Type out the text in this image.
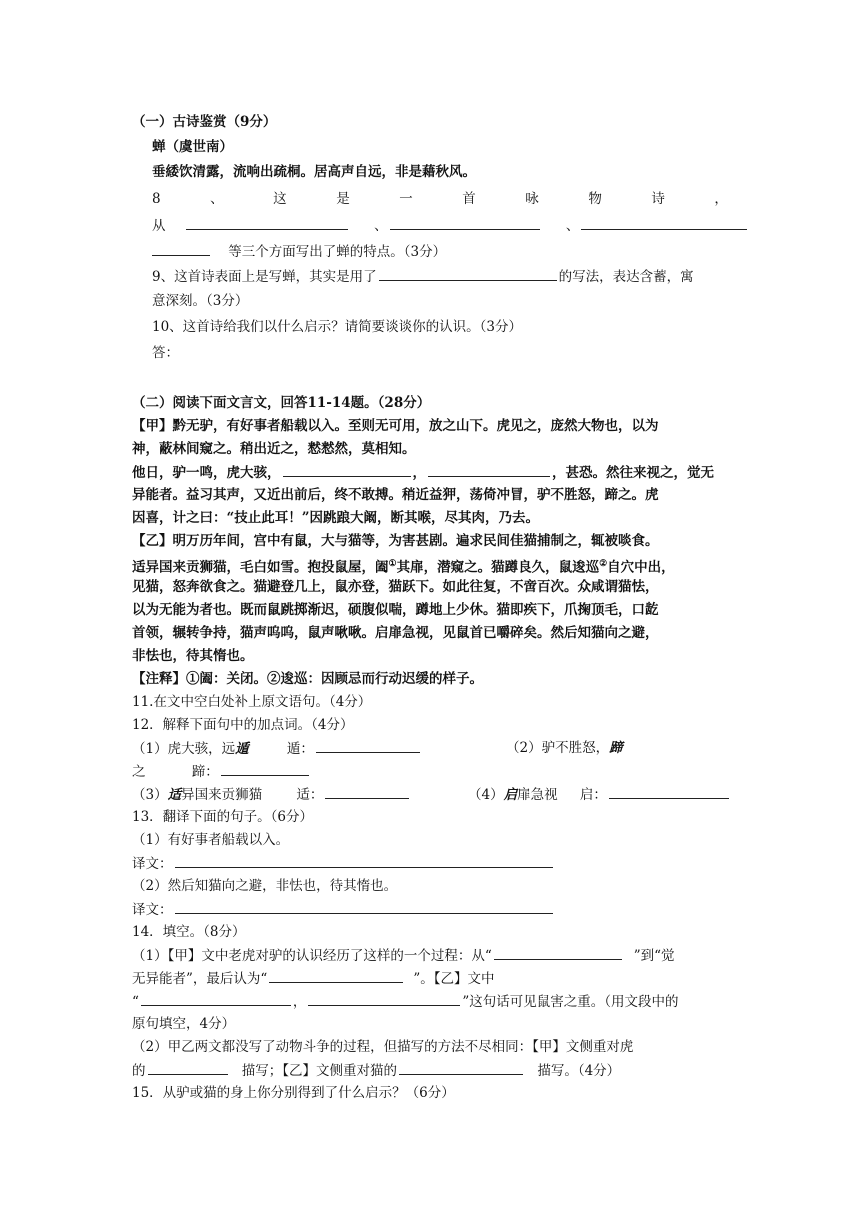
（一）古诗鉴赏（9分）
蝉（虞世南）
垂緌饮清露，流响出疏桐。居高声自远，非是藉秋风。
8	、	这	是	一	首	咏	物	诗	，
从	、	、
等三个方面写出了蝉的特点。（3分）
9、这首诗表面上是写蝉，其实是用了	的写法，表达含蓄，寓
意深刻。（3分）
10、这首诗给我们以什么启示？请简要谈谈你的认识。（3分）
答：
（二）阅读下面文言文，回答11-14题。（28分）
【甲】黔无驴，有好事者船载以入。至则无可用，放之山下。虎见之，庞然大物也，以为
神，蔽林间窥之。稍出近之，慭慭然，莫相知。
他日，驴一鸣，虎大骇，	，	，甚恐。然往来视之，觉无
异能者。益习其声，又近出前后，终不敢搏。稍近益狎，荡倚冲冒，驴不胜怒，蹄之。虎
因喜，计之曰：“技止此耳！”因跳踉大阚，断其喉，尽其肉，乃去。
【乙】明万历年间，宫中有鼠，大与猫等，为害甚剧。遍求民间佳猫捕制之，辄被啖食。
适异国来贡狮猫，毛白如雪。抱投鼠屋，阖①其扉，潜窥之。猫蹲良久，鼠逡巡②自穴中出，
见猫，怒奔欲食之。猫避登几上，鼠亦登，猫跃下。如此往复，不啻百次。众咸谓猫怯，
以为无能为者也。既而鼠跳掷渐迟，硕腹似喘，蹲地上少休。猫即疾下，爪掬顶毛，口龁
首领，辗转争持，猫声呜呜，鼠声啾啾。启扉急视，见鼠首已嚼碎矣。然后知猫向之避，
非怯也，待其惰也。
【注释】①阖：关闭。②逡巡：因顾忌而行动迟缓的样子。
11.在文中空白处补上原文语句。（4分）
12．解释下面句中的加点词。（4分）
（1）虎大骇，远遁	遁：	（2）驴不胜怒，蹄
之	蹄：
（3）适异国来贡狮猫	适：	（4）启扉急视 启：
13．翻译下面的句子。（6分）
（1）有好事者船载以入。
译文：
（2）然后知猫向之避，非怯也，待其惰也。
译文：
14．填空。（8分）
（1）【甲】文中老虎对驴的认识经历了这样的一个过程：从“	”到“觉
无异能者”，最后认为“	”。【乙】文中
“	，	”这句话可见鼠害之重。（用文段中的
原句填空，4分）
（2）甲乙两文都没写了动物斗争的过程，但描写的方法不尽相同：【甲】文侧重对虎
的	描写；【乙】文侧重对猫的	描写。（4分）
15．从驴或猫的身上你分别得到了什么启示？（6分）
